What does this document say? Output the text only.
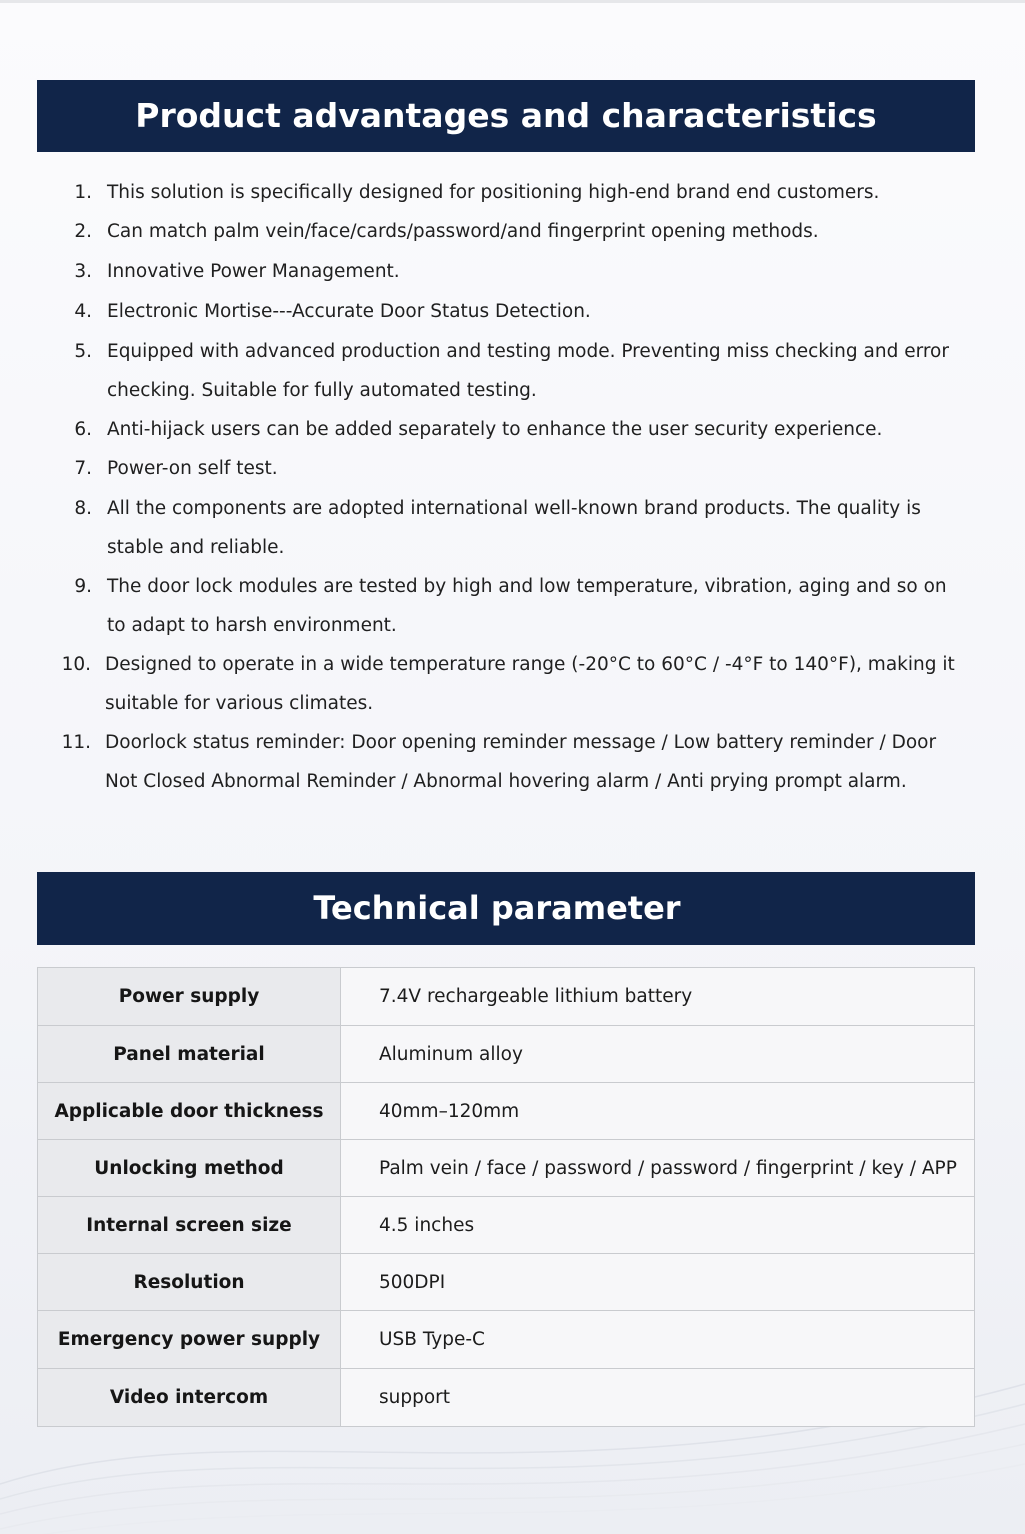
Product advantages and characteristics
1. This solution is specifically designed for positioning high-end brand end customers.
2. Can match palm vein/face/cards/password/and fingerprint opening methods.
3. Innovative Power Management.
4. Electronic Mortise---Accurate Door Status Detection.
5. Equipped with advanced production and testing mode. Preventing miss checking and error checking. Suitable for fully automated testing.
6. Anti-hijack users can be added separately to enhance the user security experience.
7. Power-on self test.
8. All the components are adopted international well-known brand products. The quality is stable and reliable.
9. The door lock modules are tested by high and low temperature, vibration, aging and so on to adapt to harsh environment.
10. Designed to operate in a wide temperature range (-20°C to 60°C / -4°F to 140°F), making it suitable for various climates.
11. Doorlock status reminder: Door opening reminder message / Low battery reminder / Door Not Closed Abnormal Reminder / Abnormal hovering alarm / Anti prying prompt alarm.
Technical parameter
Power supply	7.4V rechargeable lithium battery
Panel material	Aluminum alloy
Applicable door thickness	40mm–120mm
Unlocking method	Palm vein / face / password / password / fingerprint / key / APP
Internal screen size	4.5 inches
Resolution	500DPI
Emergency power supply	USB Type-C
Video intercom	support
